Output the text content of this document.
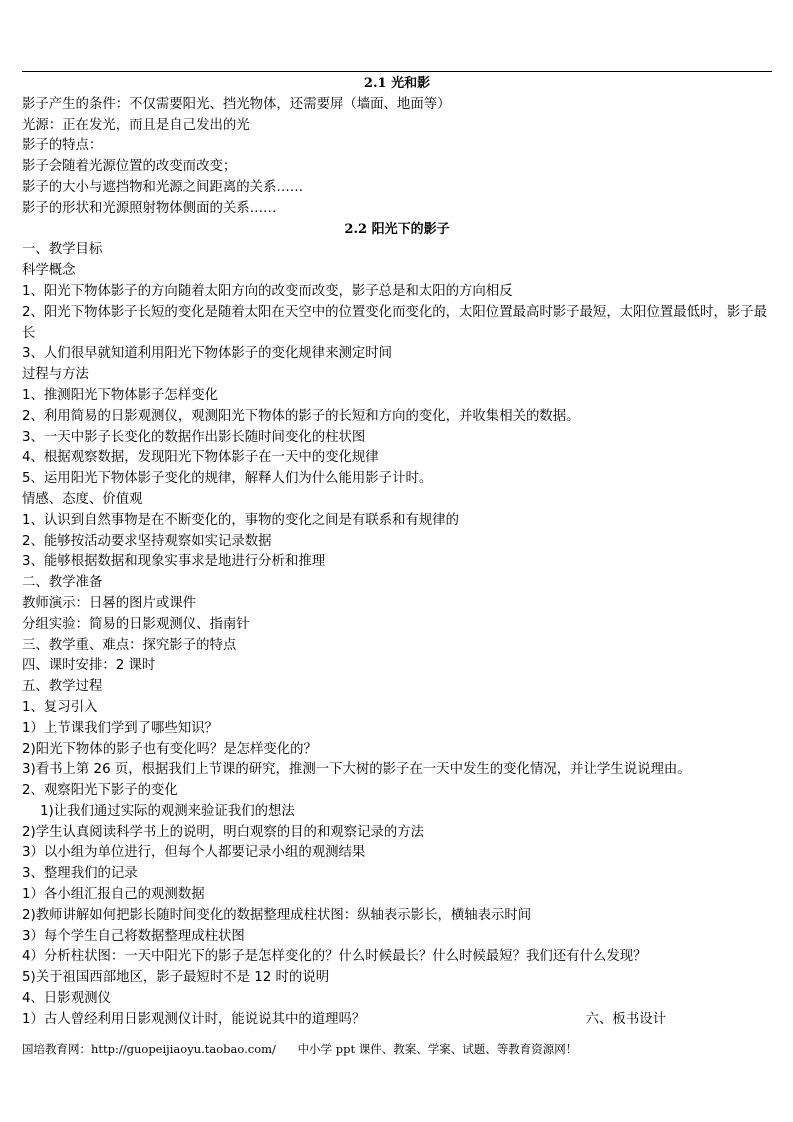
2.1 光和影
影子产生的条件：不仅需要阳光、挡光物体，还需要屏（墙面、地面等）
光源：正在发光，而且是自己发出的光
影子的特点：
影子会随着光源位置的改变而改变；
影子的大小与遮挡物和光源之间距离的关系……
影子的形状和光源照射物体侧面的关系……
2.2 阳光下的影子
一、教学目标
科学概念
1、阳光下物体影子的方向随着太阳方向的改变而改变，影子总是和太阳的方向相反
2、阳光下物体影子长短的变化是随着太阳在天空中的位置变化而变化的，太阳位置最高时影子最短，太阳位置最低时，影子最长
3、人们很早就知道利用阳光下物体影子的变化规律来测定时间
过程与方法
1、推测阳光下物体影子怎样变化
2、利用简易的日影观测仪，观测阳光下物体的影子的长短和方向的变化，并收集相关的数据。
3、一天中影子长变化的数据作出影长随时间变化的柱状图
4、根据观察数据，发现阳光下物体影子在一天中的变化规律
5、运用阳光下物体影子变化的规律，解释人们为什么能用影子计时。
情感、态度、价值观
1、认识到自然事物是在不断变化的，事物的变化之间是有联系和有规律的
2、能够按活动要求坚持观察如实记录数据
3、能够根据数据和现象实事求是地进行分析和推理
二、教学准备
教师演示：日晷的图片或课件
分组实验：简易的日影观测仪、指南针
三、教学重、难点：探究影子的特点
四、课时安排：2 课时
五、教学过程
1、复习引入
1）上节课我们学到了哪些知识？
2)阳光下物体的影子也有变化吗？是怎样变化的？
3)看书上第 26 页，根据我们上节课的研究，推测一下大树的影子在一天中发生的变化情况，并让学生说说理由。
2、观察阳光下影子的变化
1)让我们通过实际的观测来验证我们的想法
2)学生认真阅读科学书上的说明，明白观察的目的和观察记录的方法
3）以小组为单位进行，但每个人都要记录小组的观测结果
3、整理我们的记录
1）各小组汇报自己的观测数据
2)教师讲解如何把影长随时间变化的数据整理成柱状图：纵轴表示影长，横轴表示时间
3）每个学生自己将数据整理成柱状图
4）分析柱状图：一天中阳光下的影子是怎样变化的？什么时候最长？什么时候最短？我们还有什么发现？
5)关于祖国西部地区，影子最短时不是 12 时的说明
4、日影观测仪
1）古人曾经利用日影观测仪计时，能说说其中的道理吗？	六、板书设计
国培教育网：http://guopeijiaoyu.taobao.com/ 中小学 ppt 课件、教案、学案、试题、等教育资源网！
